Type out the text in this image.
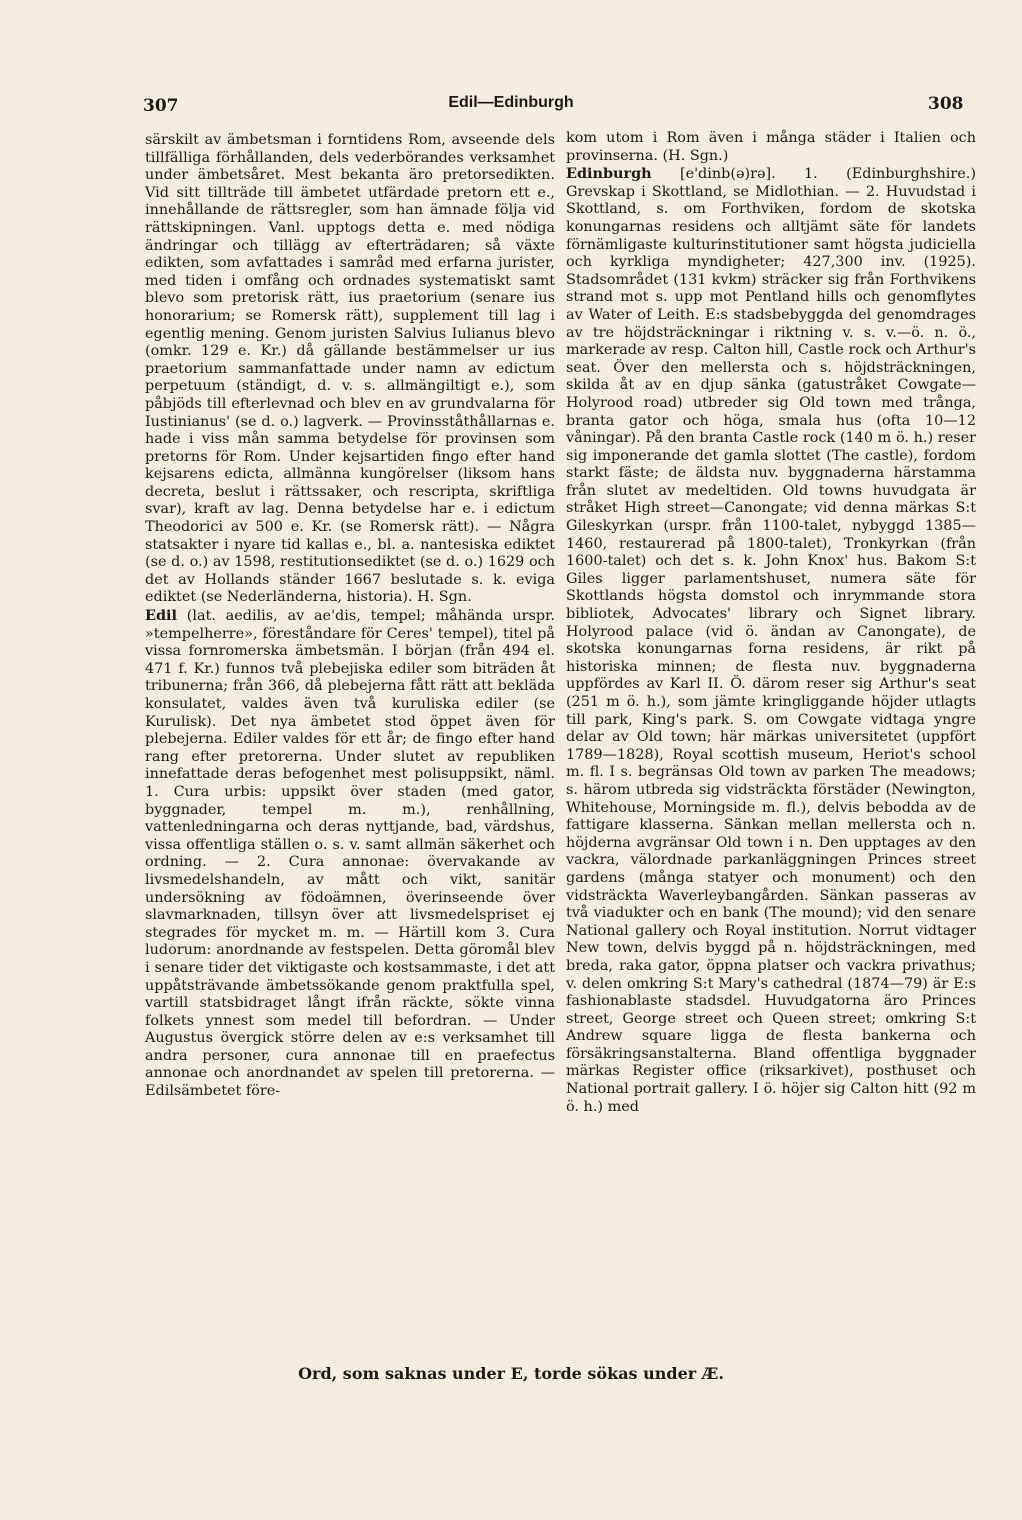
307	Edil—Edinburgh	308

särskilt av ämbetsman i forntidens Rom, avseende dels tillfälliga förhållanden, dels vederbörandes verksamhet under ämbetsåret. Mest bekanta äro pretorsedikten. Vid sitt tillträde till ämbetet utfärdade pretorn ett e., innehållande de rättsregler, som han ämnade följa vid rättskipningen. Vanl. upptogs detta e. med nödiga ändringar och tillägg av efterträdaren; så växte edikten, som avfattades i samråd med erfarna jurister, med tiden i omfång och ordnades systematiskt samt blevo som pretorisk rätt, ius praetorium (senare ius honorarium; se Romersk rätt), supplement till lag i egentlig mening. Genom juristen Salvius Iulianus blevo (omkr. 129 e. Kr.) då gällande bestämmelser ur ius praetorium sammanfattade under namn av edictum perpetuum (ständigt, d. v. s. allmängiltigt e.), som påbjöds till efterlevnad och blev en av grundvalarna för Iustinianus' (se d. o.) lagverk. — Provinsståthållarnas e. hade i viss mån samma betydelse för provinsen som pretorns för Rom. Under kejsartiden fingo efter hand kejsarens edicta, allmänna kungörelser (liksom hans decreta, beslut i rättssaker, och rescripta, skriftliga svar), kraft av lag. Denna betydelse har e. i edictum Theodorici av 500 e. Kr. (se Romersk rätt). — Några statsakter i nyare tid kallas e., bl. a. nantesiska ediktet (se d. o.) av 1598, restitutionsediktet (se d. o.) 1629 och det av Hollands ständer 1667 beslutade s. k. eviga ediktet (se Nederländerna, historia). H. Sgn.

Edil (lat. aedilis, av ae'dis, tempel; måhända urspr. »tempelherre», föreståndare för Ceres' tempel), titel på vissa fornromerska ämbetsmän. I början (från 494 el. 471 f. Kr.) funnos två plebejiska ediler som biträden åt tribunerna; från 366, då plebejerna fått rätt att bekläda konsulatet, valdes även två kuruliska ediler (se Kurulisk). Det nya ämbetet stod öppet även för plebejerna. Ediler valdes för ett år; de fingo efter hand rang efter pretorerna. Under slutet av republiken innefattade deras befogenhet mest polisuppsikt, näml. 1. Cura urbis: uppsikt över staden (med gator, byggnader, tempel m. m.), renhållning, vattenledningarna och deras nyttjande, bad, värdshus, vissa offentliga ställen o. s. v. samt allmän säkerhet och ordning. — 2. Cura annonae: övervakande av livsmedelshandeln, av mått och vikt, sanitär undersökning av födoämnen, överinseende över slavmarknaden, tillsyn över att livsmedelspriset ej stegrades för mycket m. m. — Härtill kom 3. Cura ludorum: anordnande av festspelen. Detta göromål blev i senare tider det viktigaste och kostsammaste, i det att uppåtsträvande ämbetssökande genom praktfulla spel, vartill statsbidraget långt ifrån räckte, sökte vinna folkets ynnest som medel till befordran. — Under Augustus övergick större delen av e:s verksamhet till andra personer, cura annonae till en praefectus annonae och anordnandet av spelen till pretorerna. — Edilsämbetet före-

kom utom i Rom även i många städer i Italien och provinserna. (H. Sgn.)

Edinburgh [e'dinb(ə)rə]. 1. (Edinburghshire.) Grevskap i Skottland, se Midlothian. — 2. Huvudstad i Skottland, s. om Forthviken, fordom de skotska konungarnas residens och alltjämt säte för landets förnämligaste kulturinstitutioner samt högsta judiciella och kyrkliga myndigheter; 427,300 inv. (1925). Stadsområdet (131 kvkm) sträcker sig från Forthvikens strand mot s. upp mot Pentland hills och genomflytes av Water of Leith. E:s stadsbebyggda del genomdrages av tre höjdsträckningar i riktning v. s. v.—ö. n. ö., markerade av resp. Calton hill, Castle rock och Arthur's seat. Över den mellersta och s. höjdsträckningen, skilda åt av en djup sänka (gatustråket Cowgate—Holyrood road) utbreder sig Old town med trånga, branta gator och höga, smala hus (ofta 10—12 våningar). På den branta Castle rock (140 m ö. h.) reser sig imponerande det gamla slottet (The castle), fordom starkt fäste; de äldsta nuv. byggnaderna härstamma från slutet av medeltiden. Old towns huvudgata är stråket High street—Canongate; vid denna märkas S:t Gileskyrkan (urspr. från 1100-talet, nybyggd 1385—1460, restaurerad på 1800-talet), Tronkyrkan (från 1600-talet) och det s. k. John Knox' hus. Bakom S:t Giles ligger parlamentshuset, numera säte för Skottlands högsta domstol och inrymmande stora bibliotek, Advocates' library och Signet library. Holyrood palace (vid ö. ändan av Canongate), de skotska konungarnas forna residens, är rikt på historiska minnen; de flesta nuv. byggnaderna uppfördes av Karl II. Ö. därom reser sig Arthur's seat (251 m ö. h.), som jämte kringliggande höjder utlagts till park, King's park. S. om Cowgate vidtaga yngre delar av Old town; här märkas universitetet (uppfört 1789—1828), Royal scottish museum, Heriot's school m. fl. I s. begränsas Old town av parken The meadows; s. härom utbreda sig vidsträckta förstäder (Newington, Whitehouse, Morningside m. fl.), delvis bebodda av de fattigare klasserna. Sänkan mellan mellersta och n. höjderna avgränsar Old town i n. Den upptages av den vackra, välordnade parkanläggningen Princes street gardens (många statyer och monument) och den vidsträckta Waverleybangården. Sänkan passeras av två viadukter och en bank (The mound); vid den senare National gallery och Royal institution. Norrut vidtager New town, delvis byggd på n. höjdsträckningen, med breda, raka gator, öppna platser och vackra privathus; v. delen omkring S:t Mary's cathedral (1874—79) är E:s fashionablaste stadsdel. Huvudgatorna äro Princes street, George street och Queen street; omkring S:t Andrew square ligga de flesta bankerna och försäkringsanstalterna. Bland offentliga byggnader märkas Register office (riksarkivet), posthuset och National portrait gallery. I ö. höjer sig Calton hitt (92 m ö. h.) med

Ord, som saknas under E, torde sökas under Æ.
